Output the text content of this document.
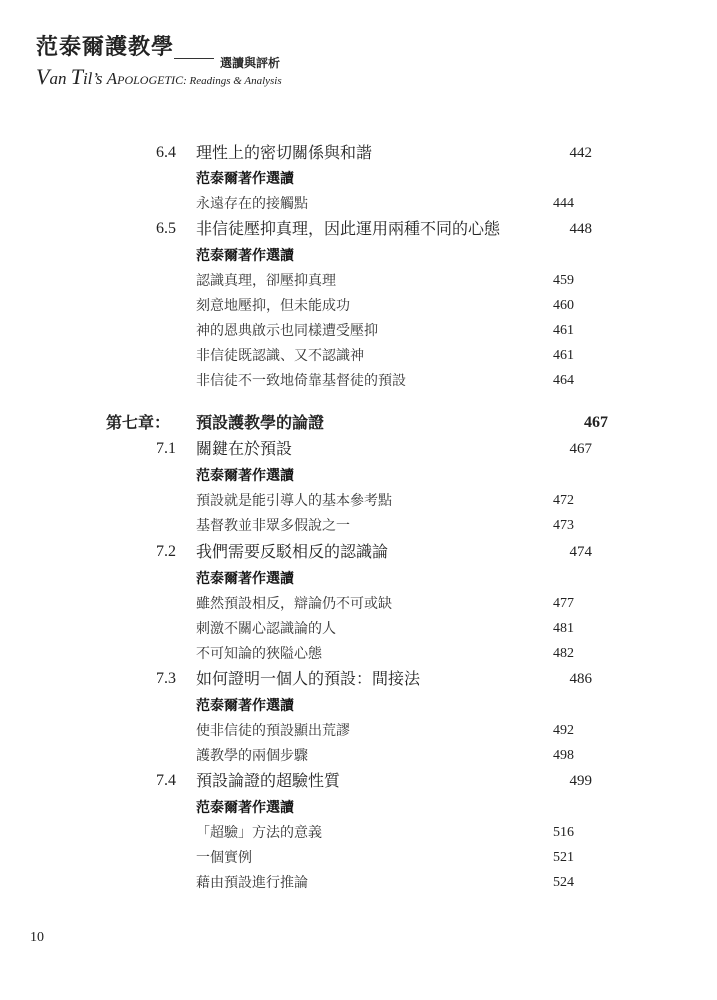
范泰爾護教學
選讀與評析
Van Til’s Apologetic: Readings & Analysis
6.4 理性上的密切關係與和諧	442
范泰爾著作選讀
永遠存在的接觸點	444
6.5 非信徒壓抑真理，因此運用兩種不同的心態	448
范泰爾著作選讀
認識真理，卻壓抑真理	459
刻意地壓抑，但未能成功	460
神的恩典啟示也同樣遭受壓抑	461
非信徒既認識、又不認識神	461
非信徒不一致地倚靠基督徒的預設	464
第七章：	預設護教學的論證	467
7.1 關鍵在於預設	467
范泰爾著作選讀
預設就是能引導人的基本參考點	472
基督教並非眾多假說之一	473
7.2 我們需要反駁相反的認識論	474
范泰爾著作選讀
雖然預設相反，辯論仍不可或缺	477
刺激不關心認識論的人	481
不可知論的狹隘心態	482
7.3 如何證明一個人的預設：間接法	486
范泰爾著作選讀
使非信徒的預設顯出荒謬	492
護教學的兩個步驟	498
7.4 預設論證的超驗性質	499
范泰爾著作選讀
「超驗」方法的意義	516
一個實例	521
藉由預設進行推論	524
10
